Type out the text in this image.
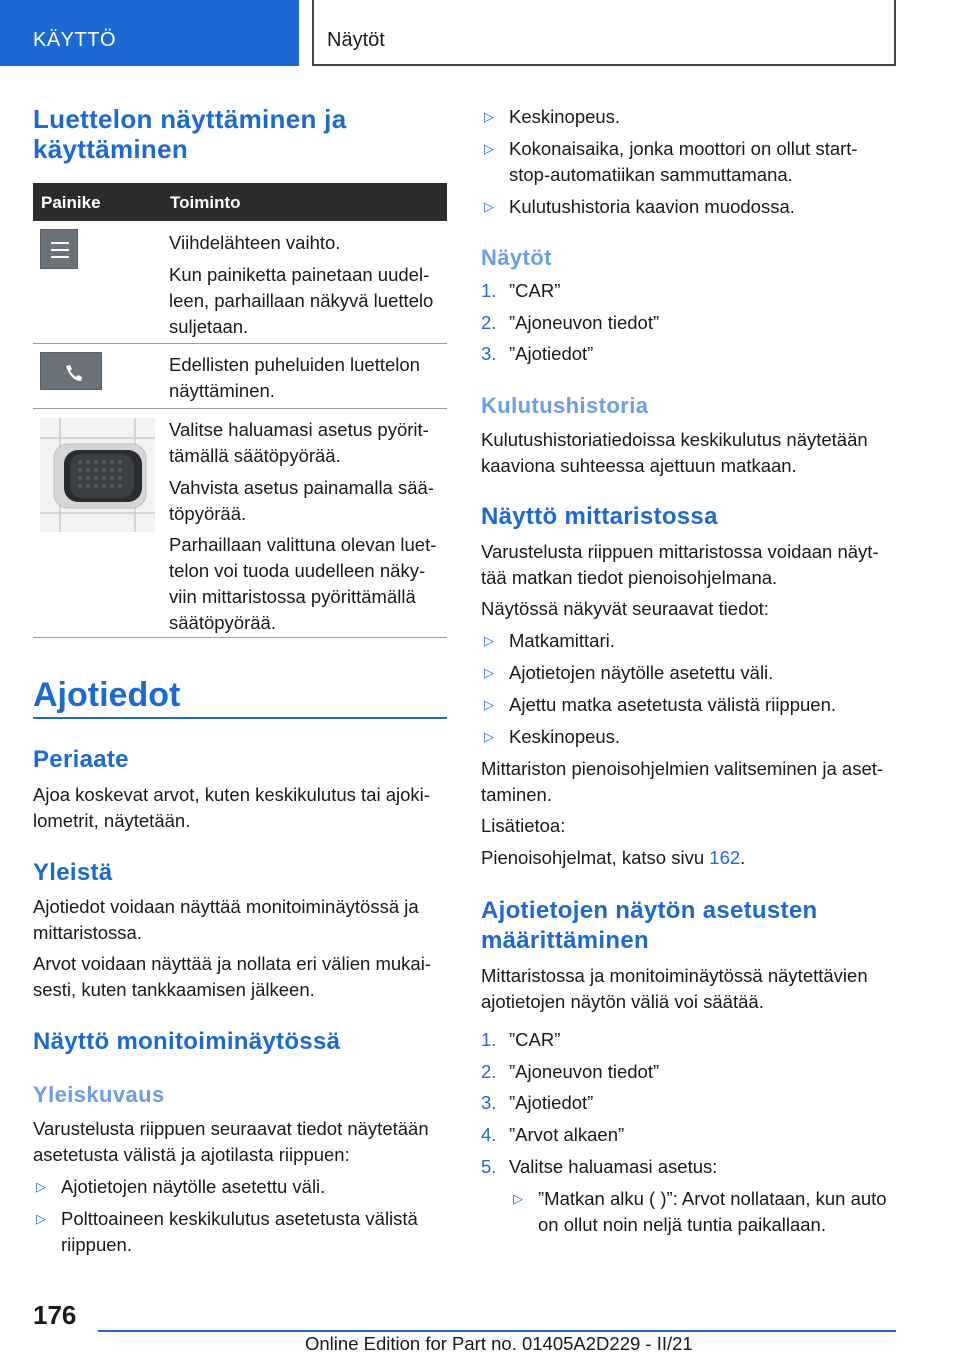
KÄYTTÖ	Näytöt
Luettelon näyttäminen ja
käyttäminen
Painike	Toiminto
Viihdelähteen vaihto.
Kun painiketta painetaan uudel-
leen, parhaillaan näkyvä luettelo
suljetaan.
Edellisten puheluiden luettelon
näyttäminen.
Valitse haluamasi asetus pyörit-
tämällä säätöpyörää.
Vahvista asetus painamalla sää-
töpyörää.
Parhaillaan valittuna olevan luet-
telon voi tuoda uudelleen näky-
viin mittaristossa pyörittämällä
säätöpyörää.
Ajotiedot
Periaate
Ajoa koskevat arvot, kuten keskikulutus tai ajoki-
lometrit, näytetään.
Yleistä
Ajotiedot voidaan näyttää monitoiminäytössä ja
mittaristossa.
Arvot voidaan näyttää ja nollata eri välien mukai-
sesti, kuten tankkaamisen jälkeen.
Näyttö monitoiminäytössä
Yleiskuvaus
Varustelusta riippuen seuraavat tiedot näytetään
asetetusta välistä ja ajotilasta riippuen:
▷ Ajotietojen näytölle asetettu väli.
▷ Polttoaineen keskikulutus asetetusta välistä
riippuen.
▷ Keskinopeus.
▷ Kokonaisaika, jonka moottori on ollut start-
stop-automatiikan sammuttamana.
▷ Kulutushistoria kaavion muodossa.
Näytöt
1. ”CAR”
2. ”Ajoneuvon tiedot”
3. ”Ajotiedot”
Kulutushistoria
Kulutushistoriatiedoissa keskikulutus näytetään
kaaviona suhteessa ajettuun matkaan.
Näyttö mittaristossa
Varustelusta riippuen mittaristossa voidaan näyt-
tää matkan tiedot pienoisohjelmana.
Näytössä näkyvät seuraavat tiedot:
▷ Matkamittari.
▷ Ajotietojen näytölle asetettu väli.
▷ Ajettu matka asetetusta välistä riippuen.
▷ Keskinopeus.
Mittariston pienoisohjelmien valitseminen ja aset-
taminen.
Lisätietoa:
Pienoisohjelmat, katso sivu 162.
Ajotietojen näytön asetusten
määrittäminen
Mittaristossa ja monitoiminäytössä näytettävien
ajotietojen näytön väliä voi säätää.
1. ”CAR”
2. ”Ajoneuvon tiedot”
3. ”Ajotiedot”
4. ”Arvot alkaen”
5. Valitse haluamasi asetus:
▷ ”Matkan alku ( )”: Arvot nollataan, kun auto
on ollut noin neljä tuntia paikallaan.
176
Online Edition for Part no. 01405A2D229 - II/21
